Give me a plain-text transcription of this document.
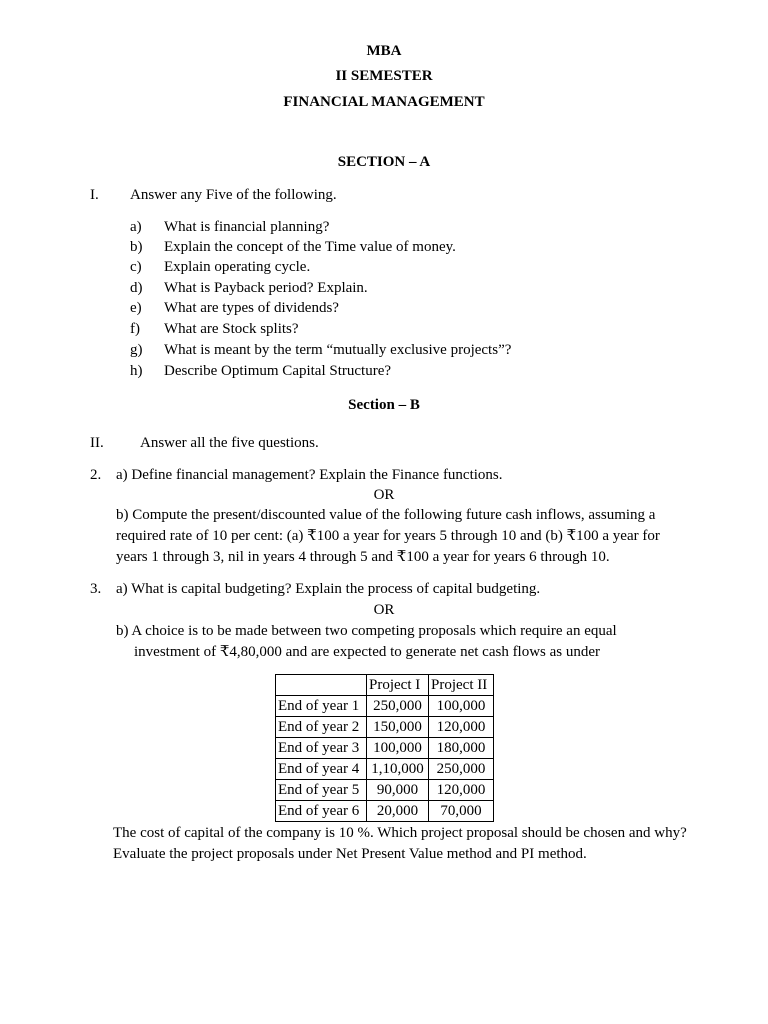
MBA
II SEMESTER
FINANCIAL MANAGEMENT
SECTION – A
I. Answer any Five of the following.
a) What is financial planning?
b) Explain the concept of the Time value of money.
c) Explain operating cycle.
d) What is Payback period? Explain.
e) What are types of dividends?
f) What are Stock splits?
g) What is meant by the term “mutually exclusive projects”?
h) Describe Optimum Capital Structure?
Section – B
II. Answer all the five questions.
2. a) Define financial management? Explain the Finance functions.
OR
b) Compute the present/discounted value of the following future cash inflows, assuming a
required rate of 10 per cent: (a) ₹100 a year for years 5 through 10 and (b) ₹100 a year for
years 1 through 3, nil in years 4 through 5 and ₹100 a year for years 6 through 10.
3. a) What is capital budgeting? Explain the process of capital budgeting.
OR
b) A choice is to be made between two competing proposals which require an equal
investment of ₹4,80,000 and are expected to generate net cash flows as under
	Project I	Project II
End of year 1	250,000	100,000
End of year 2	150,000	120,000
End of year 3	100,000	180,000
End of year 4	1,10,000	250,000
End of year 5	90,000	120,000
End of year 6	20,000	70,000
The cost of capital of the company is 10 %. Which project proposal should be chosen and why?
Evaluate the project proposals under Net Present Value method and PI method.
